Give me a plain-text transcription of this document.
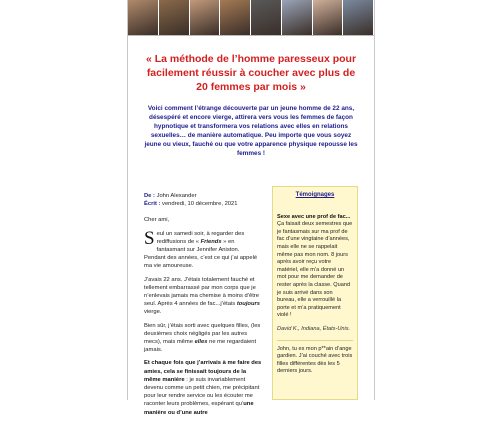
« La méthode de l’homme paresseux pour facilement réussir à coucher avec plus de 20 femmes par mois »
Voici comment l’étrange découverte par un jeune homme de 22 ans, désespéré et encore vierge, attirera vers vous les femmes de façon hypnotique et transformera vos relations avec elles en relations sexuelles… de manière automatique. Peu importe que vous soyez jeune ou vieux, fauché ou que votre apparence physique repousse les femmes !

De : John Alexander
Écrit : vendredi, 10 décembre, 2021

Cher ami,

Seul un samedi soir, à regarder des rediffusions de « Friends » en fantasmant sur Jennifer Aniston. Pendant des années, c’est ce qui j’ai appelé ma vie amoureuse.

J’avais 22 ans. J’étais totalement fauché et tellement embarrassé par mon corps que je n’enlevais jamais ma chemise à moins d’être seul. Après 4 années de fac...j’étais toujours vierge.

Bien sûr, j’étais sorti avec quelques filles, (les deuxièmes choix négligés par les autres mecs), mais même elles ne me regardaient jamais.

Et chaque fois que j’arrivais à me faire des amies, cela se finissait toujours de la même manière : je suis invariablement devenu comme un petit chien, me précipitant pour leur rendre service ou les écouter me raconter leurs problèmes, espérant qu’une manière ou d’une autre

Témoignages
Sexe avec une prof de fac...
Ça faisait deux semestres que je fantasmais sur ma prof de fac d’une vingtaine d’années, mais elle ne se rappelait même pas mon nom. 8 jours après avoir reçu votre matériel, elle m’a donné un mot pour me demander de rester après la classe. Quand je suis arrivé dans son bureau, elle a verrouillé la porte et m’a pratiquement violé !
David K., Indiana, États-Unis.
John, tu es mon p**ain d’ange gardien. J’ai couché avec trois filles différentes dès les 5 derniers jours.
